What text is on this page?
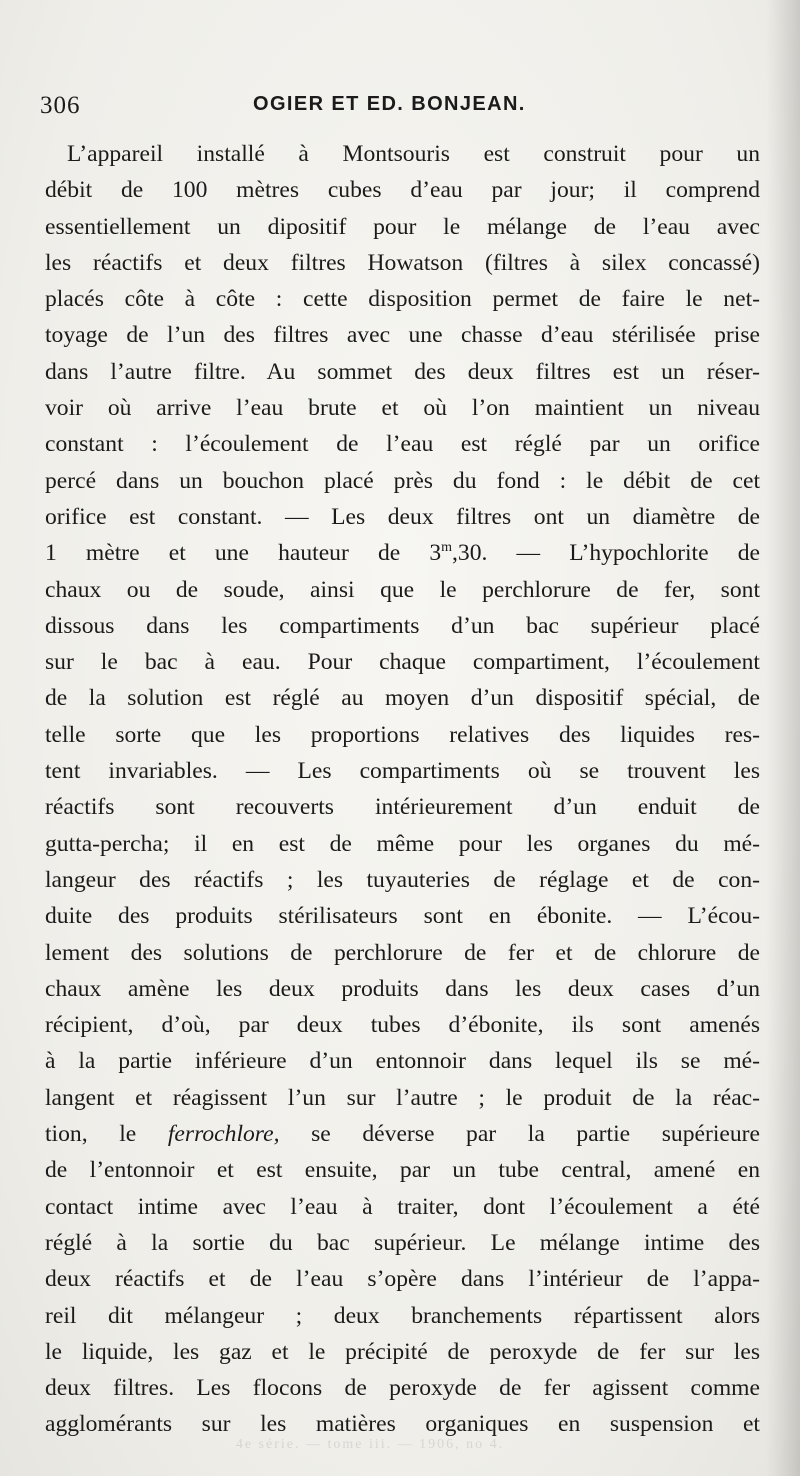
306	OGIER ET ED. BONJEAN.
L’appareil installé à Montsouris est construit pour un
débit de 100 mètres cubes d’eau par jour; il comprend
essentiellement un dipositif pour le mélange de l’eau avec
les réactifs et deux filtres Howatson (filtres à silex concassé)
placés côte à côte : cette disposition permet de faire le net-
toyage de l’un des filtres avec une chasse d’eau stérilisée prise
dans l’autre filtre. Au sommet des deux filtres est un réser-
voir où arrive l’eau brute et où l’on maintient un niveau
constant : l’écoulement de l’eau est réglé par un orifice
percé dans un bouchon placé près du fond : le débit de cet
orifice est constant. — Les deux filtres ont un diamètre de
1 mètre et une hauteur de 3$^m$,30. — L’hypochlorite de
chaux ou de soude, ainsi que le perchlorure de fer, sont
dissous dans les compartiments d’un bac supérieur placé
sur le bac à eau. Pour chaque compartiment, l’écoulement
de la solution est réglé au moyen d’un dispositif spécial, de
telle sorte que les proportions relatives des liquides res-
tent invariables. — Les compartiments où se trouvent les
réactifs sont recouverts intérieurement d’un enduit de
gutta-percha; il en est de même pour les organes du mé-
langeur des réactifs ; les tuyauteries de réglage et de con-
duite des produits stérilisateurs sont en ébonite. — L’écou-
lement des solutions de perchlorure de fer et de chlorure de
chaux amène les deux produits dans les deux cases d’un
récipient, d’où, par deux tubes d’ébonite, ils sont amenés
à la partie inférieure d’un entonnoir dans lequel ils se mé-
langent et réagissent l’un sur l’autre ; le produit de la réac-
tion, le ferrochlore, se déverse par la partie supérieure
de l’entonnoir et est ensuite, par un tube central, amené en
contact intime avec l’eau à traiter, dont l’écoulement a été
réglé à la sortie du bac supérieur. Le mélange intime des
deux réactifs et de l’eau s’opère dans l’intérieur de l’appa-
reil dit mélangeur ; deux branchements répartissent alors
le liquide, les gaz et le précipité de peroxyde de fer sur les
deux filtres. Les flocons de peroxyde de fer agissent comme
agglomérants sur les matières organiques en suspension et
4e série. — tome iii. — 1906, no 4.
